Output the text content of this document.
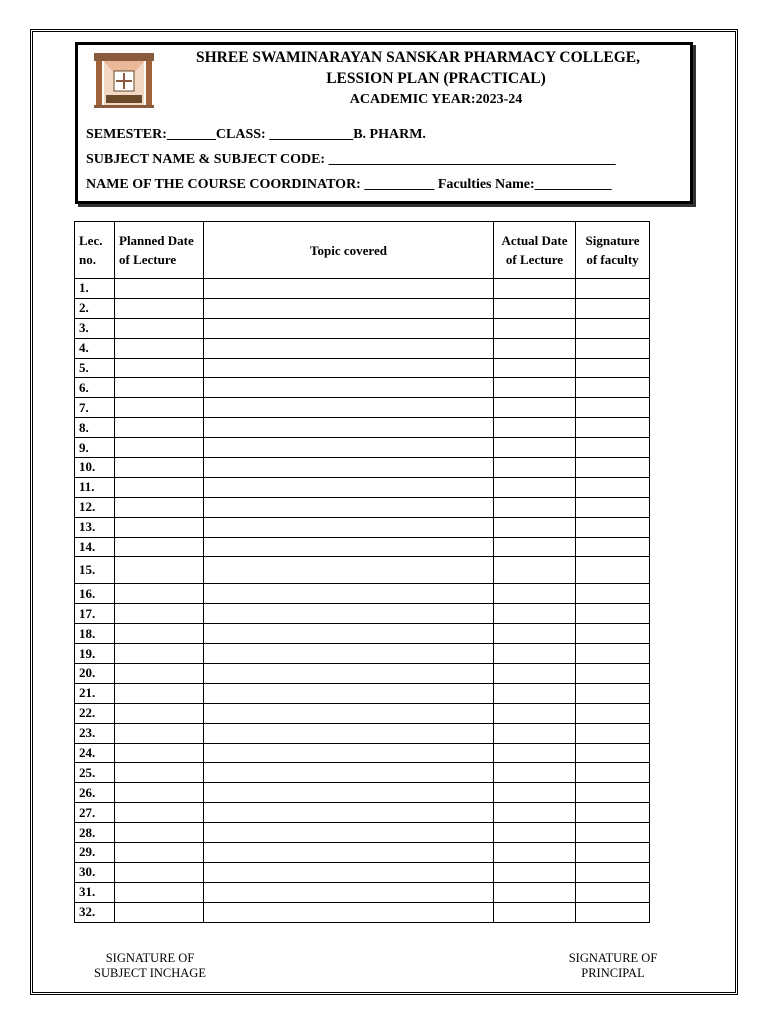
SHREE SWAMINARAYAN SANSKAR PHARMACY COLLEGE,
LESSION PLAN (PRACTICAL)
ACADEMIC YEAR:2023-24
SEMESTER:_______CLASS: ____________B. PHARM.
SUBJECT NAME & SUBJECT CODE: _________________________________________
NAME OF THE COURSE COORDINATOR: __________ Faculties Name:___________
Lec. no.	Planned Date of Lecture	Topic covered	Actual Date of Lecture	Signature of faculty
1.				
2.				
3.				
4.				
5.				
6.				
7.				
8.				
9.				
10.				
11.				
12.				
13.				
14.				
15.				
16.				
17.				
18.				
19.				
20.				
21.				
22.				
23.				
24.				
25.				
26.				
27.				
28.				
29.				
30.				
31.				
32.				
SIGNATURE OF
SUBJECT INCHAGE
SIGNATURE OF
PRINCIPAL
